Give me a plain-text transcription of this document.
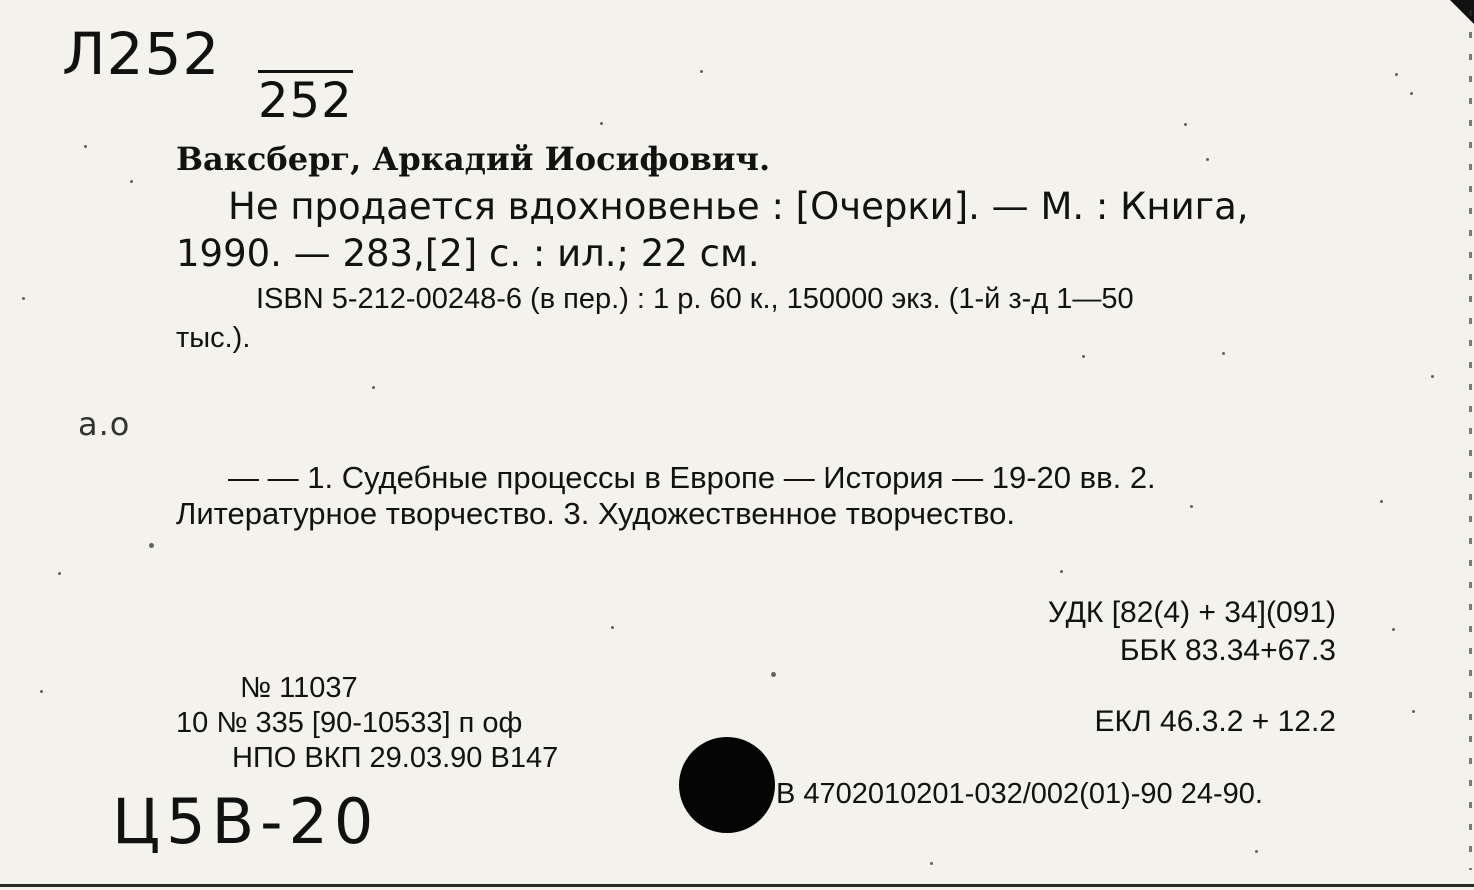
Л252
252
а.о
Ц5В-20
Ваксберг, Аркадий Иосифович.
Не продается вдохновенье : [Очерки]. — М. : Книга,
1990. — 283,[2] с. : ил.; 22 см.
ISBN 5-212-00248-6 (в пер.) : 1 р. 60 к., 150000 экз. (1-й з-д 1—50
тыс.).
— — 1. Судебные процессы в Европе — История — 19-20 вв. 2.
Литературное творчество. 3. Художественное творчество.
УДК [82(4) + 34](091)
ББК 83.34+67.3
ЕКЛ 46.3.2 + 12.2
№ 11037
10 № 335 [90-10533] п оф
НПО ВКП 29.03.90 В147
В 4702010201-032/002(01)-90 24-90.
